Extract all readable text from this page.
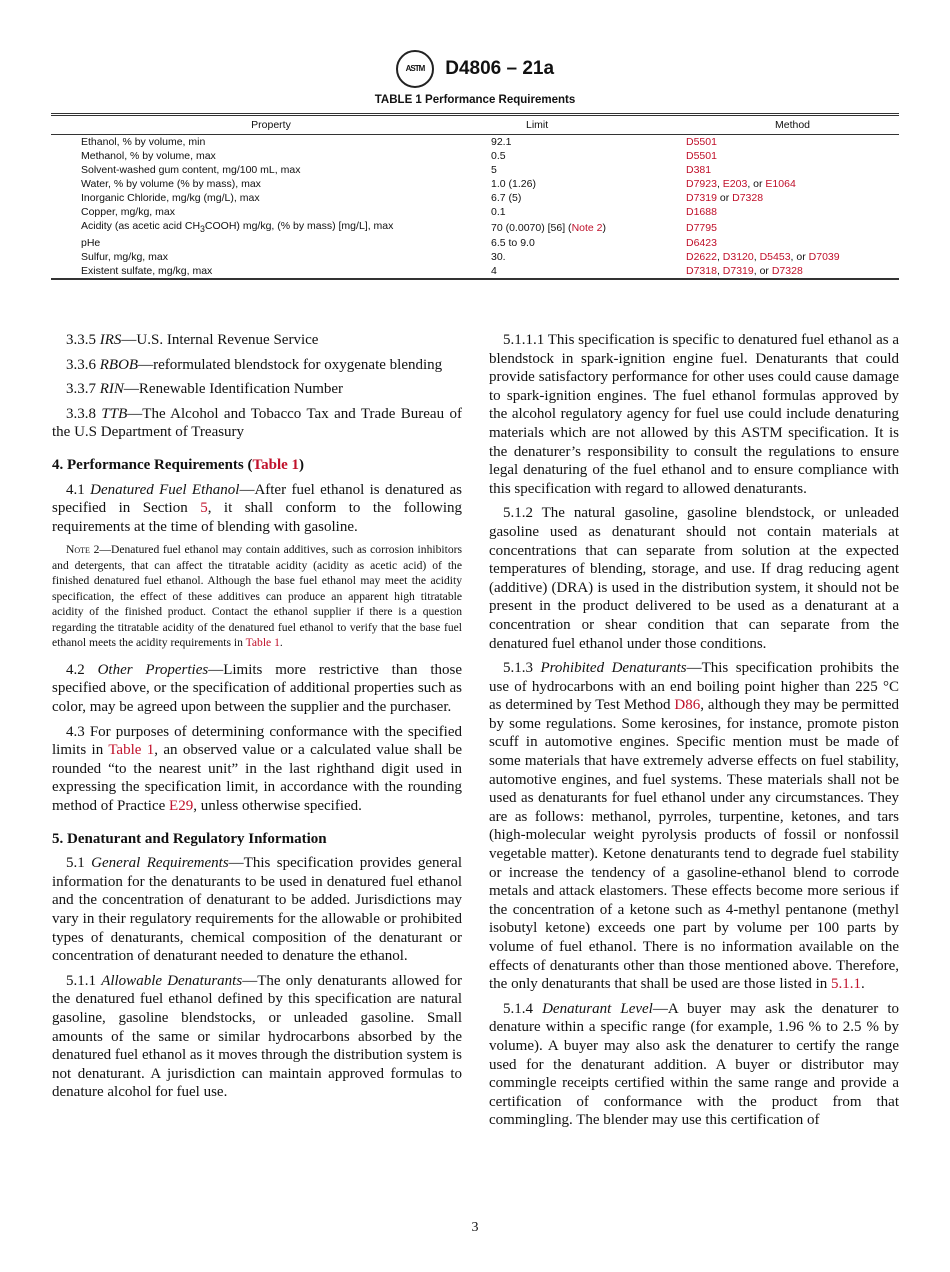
ASTM D4806 – 21a
TABLE 1 Performance Requirements
Property	Limit	Method
Ethanol, % by volume, min	92.1	D5501
Methanol, % by volume, max	0.5	D5501
Solvent-washed gum content, mg/100 mL, max	5	D381
Water, % by volume (% by mass), max	1.0 (1.26)	D7923, E203, or E1064
Inorganic Chloride, mg/kg (mg/L), max	6.7 (5)	D7319 or D7328
Copper, mg/kg, max	0.1	D1688
Acidity (as acetic acid $CH_3COOH$) mg/kg, (% by mass) [mg/L], max	70 (0.0070) [56] (Note 2)	D7795
pHe	6.5 to 9.0	D6423
Sulfur, mg/kg, max	30.	D2622, D3120, D5453, or D7039
Existent sulfate, mg/kg, max	4	D7318, D7319, or D7328

3.3.5 IRS—U.S. Internal Revenue Service

3.3.6 RBOB—reformulated blendstock for oxygenate blending

3.3.7 RIN—Renewable Identification Number

3.3.8 TTB—The Alcohol and Tobacco Tax and Trade Bureau of the U.S Department of Treasury

4. Performance Requirements (Table 1)

4.1 Denatured Fuel Ethanol—After fuel ethanol is denatured as specified in Section 5, it shall conform to the following requirements at the time of blending with gasoline.

Note 2—Denatured fuel ethanol may contain additives, such as corrosion inhibitors and detergents, that can affect the titratable acidity (acidity as acetic acid) of the finished denatured fuel ethanol. Although the base fuel ethanol may meet the acidity specification, the effect of these additives can produce an apparent high titratable acidity of the finished product. Contact the ethanol supplier if there is a question regarding the titratable acidity of the denatured fuel ethanol to verify that the base fuel ethanol meets the acidity requirements in Table 1.

4.2 Other Properties—Limits more restrictive than those specified above, or the specification of additional properties such as color, may be agreed upon between the supplier and the purchaser.

4.3 For purposes of determining conformance with the specified limits in Table 1, an observed value or a calculated value shall be rounded “to the nearest unit” in the last righthand digit used in expressing the specification limit, in accordance with the rounding method of Practice E29, unless otherwise specified.

5. Denaturant and Regulatory Information

5.1 General Requirements—This specification provides general information for the denaturants to be used in denatured fuel ethanol and the concentration of denaturant to be added. Jurisdictions may vary in their regulatory requirements for the allowable or prohibited types of denaturants, chemical composition of the denaturant or concentration of denaturant needed to denature the ethanol.

5.1.1 Allowable Denaturants—The only denaturants allowed for the denatured fuel ethanol defined by this specification are natural gasoline, gasoline blendstocks, or unleaded gasoline. Small amounts of the same or similar hydrocarbons absorbed by the denatured fuel ethanol as it moves through the distribution system is not denaturant. A jurisdiction can maintain approved formulas to denature alcohol for fuel use.

5.1.1.1 This specification is specific to denatured fuel ethanol as a blendstock in spark-ignition engine fuel. Denaturants that could provide satisfactory performance for other uses could cause damage to spark-ignition engines. The fuel ethanol formulas approved by the alcohol regulatory agency for fuel use could include denaturing materials which are not allowed by this ASTM specification. It is the denaturer’s responsibility to consult the regulations to ensure legal denaturing of the fuel ethanol and to ensure compliance with this specification with regard to allowed denaturants.

5.1.2 The natural gasoline, gasoline blendstock, or unleaded gasoline used as denaturant should not contain materials at concentrations that can separate from solution at the expected temperatures of blending, storage, and use. If drag reducing agent (additive) (DRA) is used in the distribution system, it should not be present in the product delivered to be used as a denaturant at a concentration or shear condition that can separate from the denatured fuel ethanol under those conditions.

5.1.3 Prohibited Denaturants—This specification prohibits the use of hydrocarbons with an end boiling point higher than 225 °C as determined by Test Method D86, although they may be permitted by some regulations. Some kerosines, for instance, promote piston scuff in automotive engines. Specific mention must be made of some materials that have extremely adverse effects on fuel stability, automotive engines, and fuel systems. These materials shall not be used as denaturants for fuel ethanol under any circumstances. They are as follows: methanol, pyrroles, turpentine, ketones, and tars (high-molecular weight pyrolysis products of fossil or nonfossil vegetable matter). Ketone denaturants tend to degrade fuel stability or increase the tendency of a gasoline-ethanol blend to corrode metals and attack elastomers. These effects become more serious if the concentration of a ketone such as 4-methyl pentanone (methyl isobutyl ketone) exceeds one part by volume per 100 parts by volume of fuel ethanol. There is no information available on the effects of denaturants other than those mentioned above. Therefore, the only denaturants that shall be used are those listed in 5.1.1.

5.1.4 Denaturant Level—A buyer may ask the denaturer to denature within a specific range (for example, 1.96 % to 2.5 % by volume). A buyer may also ask the denaturer to certify the range used for the denaturant addition. A buyer or distributor may commingle receipts certified within the same range and provide a certification of conformance with the product from that commingling. The blender may use this certification of

3
